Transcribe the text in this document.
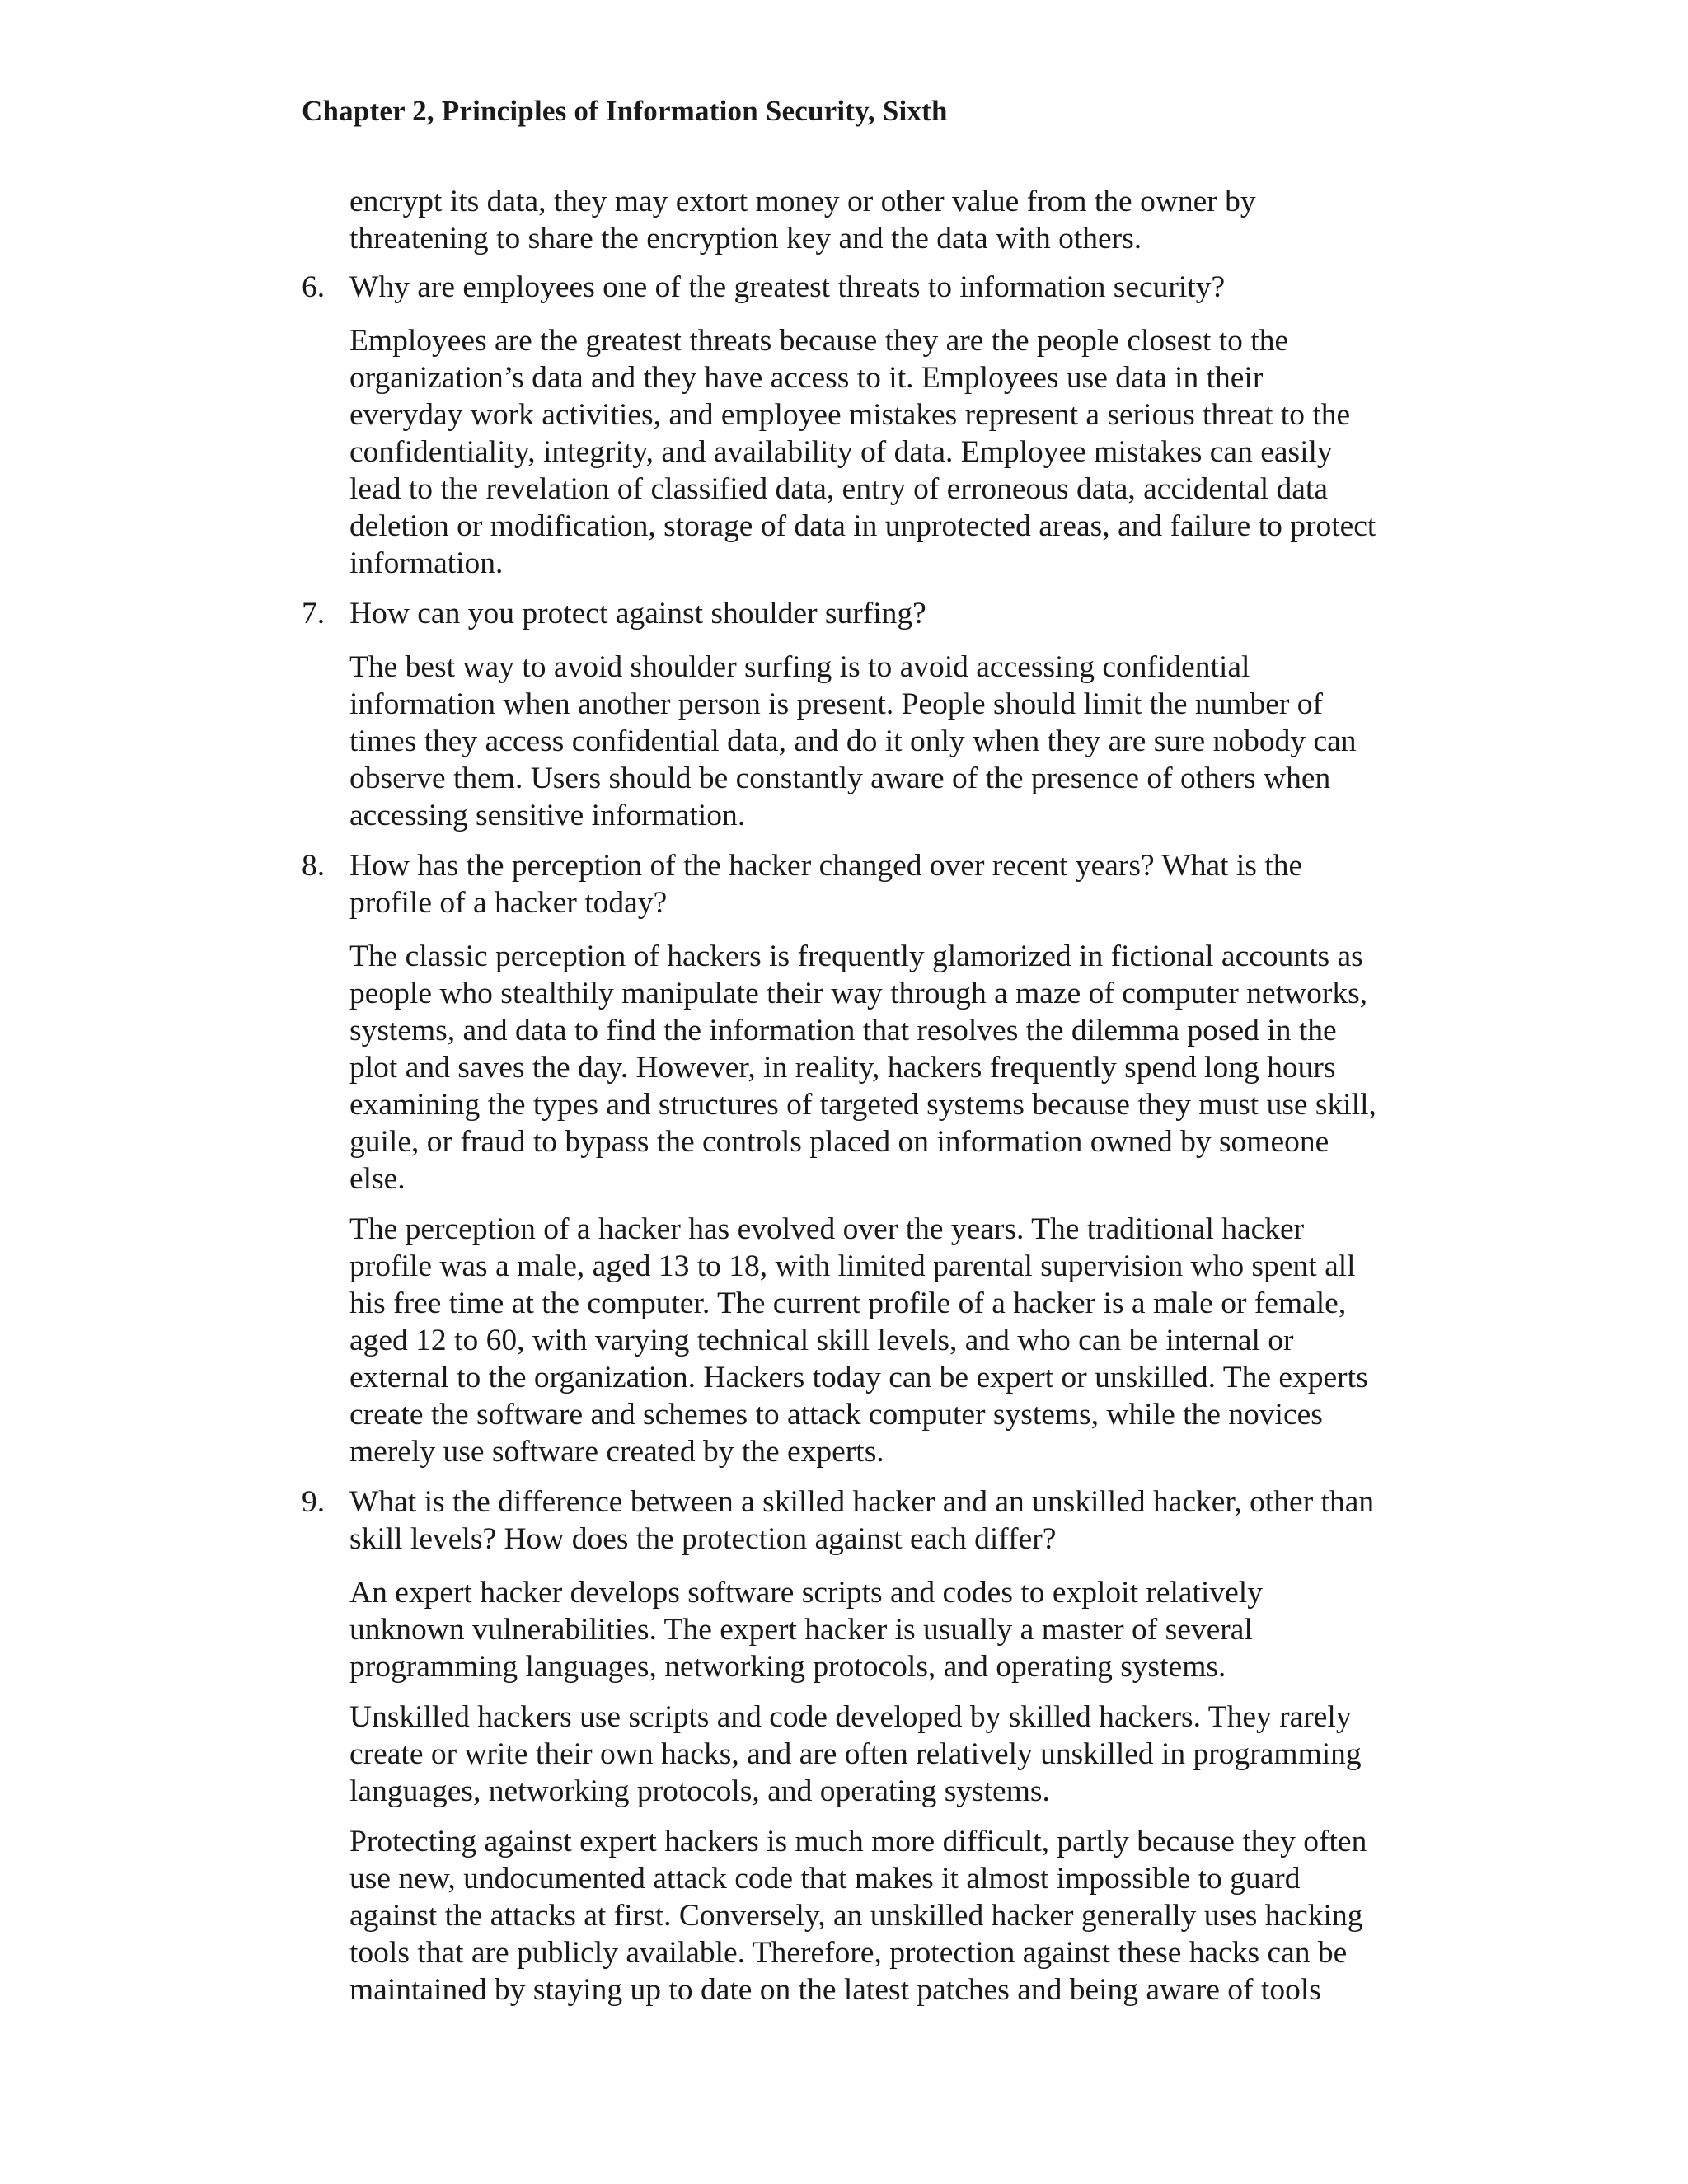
Chapter 2, Principles of Information Security, Sixth
encrypt its data, they may extort money or other value from the owner by threatening to share the encryption key and the data with others.
6. Why are employees one of the greatest threats to information security?
Employees are the greatest threats because they are the people closest to the organization’s data and they have access to it. Employees use data in their everyday work activities, and employee mistakes represent a serious threat to the confidentiality, integrity, and availability of data. Employee mistakes can easily lead to the revelation of classified data, entry of erroneous data, accidental data deletion or modification, storage of data in unprotected areas, and failure to protect information.
7. How can you protect against shoulder surfing?
The best way to avoid shoulder surfing is to avoid accessing confidential information when another person is present. People should limit the number of times they access confidential data, and do it only when they are sure nobody can observe them. Users should be constantly aware of the presence of others when accessing sensitive information.
8. How has the perception of the hacker changed over recent years? What is the profile of a hacker today?
The classic perception of hackers is frequently glamorized in fictional accounts as people who stealthily manipulate their way through a maze of computer networks, systems, and data to find the information that resolves the dilemma posed in the plot and saves the day. However, in reality, hackers frequently spend long hours examining the types and structures of targeted systems because they must use skill, guile, or fraud to bypass the controls placed on information owned by someone else.
The perception of a hacker has evolved over the years. The traditional hacker profile was a male, aged 13 to 18, with limited parental supervision who spent all his free time at the computer. The current profile of a hacker is a male or female, aged 12 to 60, with varying technical skill levels, and who can be internal or external to the organization. Hackers today can be expert or unskilled. The experts create the software and schemes to attack computer systems, while the novices merely use software created by the experts.
9. What is the difference between a skilled hacker and an unskilled hacker, other than skill levels? How does the protection against each differ?
An expert hacker develops software scripts and codes to exploit relatively unknown vulnerabilities. The expert hacker is usually a master of several programming languages, networking protocols, and operating systems.
Unskilled hackers use scripts and code developed by skilled hackers. They rarely create or write their own hacks, and are often relatively unskilled in programming languages, networking protocols, and operating systems.
Protecting against expert hackers is much more difficult, partly because they often use new, undocumented attack code that makes it almost impossible to guard against the attacks at first. Conversely, an unskilled hacker generally uses hacking tools that are publicly available. Therefore, protection against these hacks can be maintained by staying up to date on the latest patches and being aware of tools
